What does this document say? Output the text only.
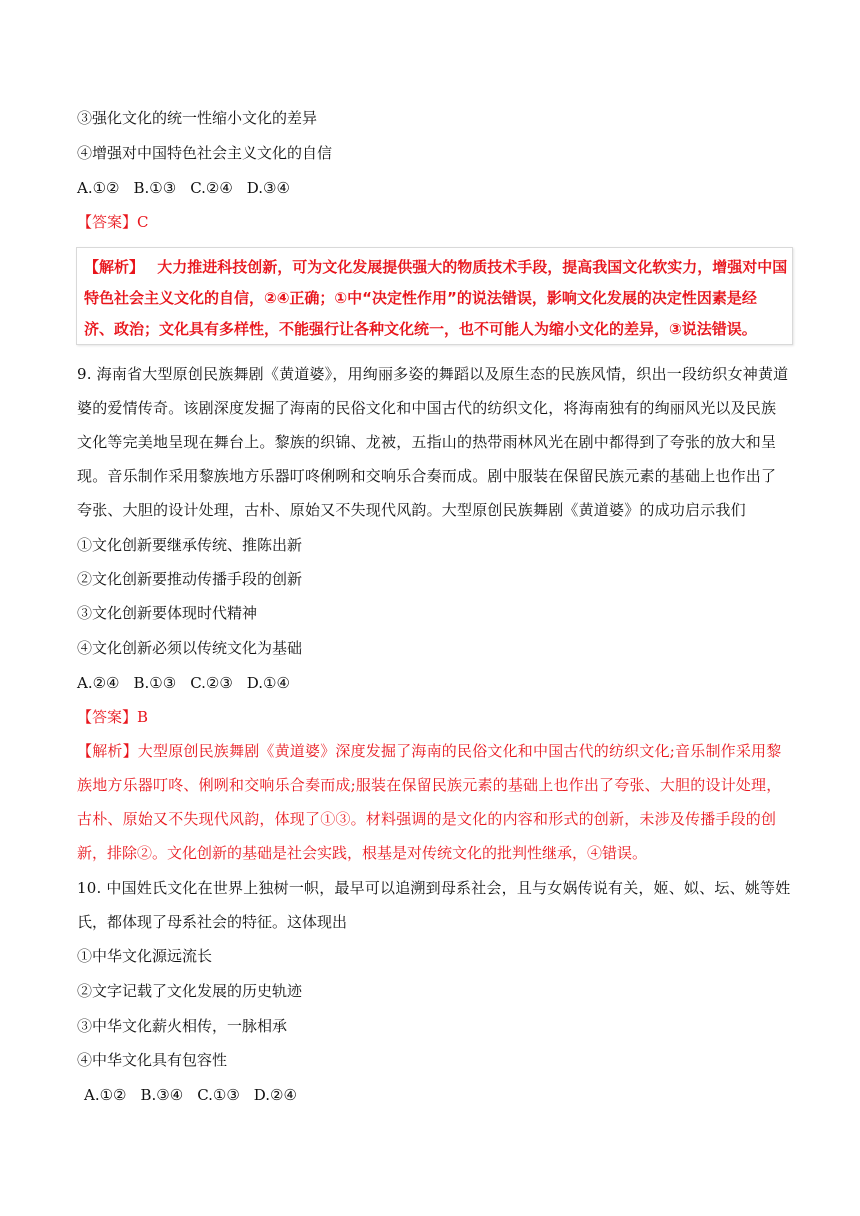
③强化文化的统一性缩小文化的差异
④增强对中国特色社会主义文化的自信
A.①② B.①③ C.②④ D.③④
【答案】C
【解析】 大力推进科技创新，可为文化发展提供强大的物质技术手段，提高我国文化软实力，增强对中国
特色社会主义文化的自信，②④正确；①中“决定性作用”的说法错误，影响文化发展的决定性因素是经
济、政治；文化具有多样性，不能强行让各种文化统一，也不可能人为缩小文化的差异，③说法错误。
9. 海南省大型原创民族舞剧《黄道婆》，用绚丽多姿的舞蹈以及原生态的民族风情，织出一段纺织女神黄道
婆的爱情传奇。该剧深度发掘了海南的民俗文化和中国古代的纺织文化，将海南独有的绚丽风光以及民族
文化等完美地呈现在舞台上。黎族的织锦、龙被，五指山的热带雨林风光在剧中都得到了夸张的放大和呈
现。音乐制作采用黎族地方乐器叮咚俐咧和交响乐合奏而成。剧中服装在保留民族元素的基础上也作出了
夸张、大胆的设计处理，古朴、原始又不失现代风韵。大型原创民族舞剧《黄道婆》的成功启示我们
①文化创新要继承传统、推陈出新
②文化创新要推动传播手段的创新
③文化创新要体现时代精神
④文化创新必须以传统文化为基础
A.②④ B.①③ C.②③ D.①④
【答案】B
【解析】大型原创民族舞剧《黄道婆》深度发掘了海南的民俗文化和中国古代的纺织文化;音乐制作采用黎
族地方乐器叮咚、俐咧和交响乐合奏而成;服装在保留民族元素的基础上也作出了夸张、大胆的设计处理，
古朴、原始又不失现代风韵，体现了①③。材料强调的是文化的内容和形式的创新，未涉及传播手段的创
新，排除②。文化创新的基础是社会实践，根基是对传统文化的批判性继承，④错误。
10. 中国姓氏文化在世界上独树一帜，最早可以追溯到母系社会，且与女娲传说有关，姬、姒、坛、姚等姓
氏，都体现了母系社会的特征。这体现出
①中华文化源远流长
②文字记载了文化发展的历史轨迹
③中华文化薪火相传，一脉相承
④中华文化具有包容性
A.①② B.③④ C.①③ D.②④
